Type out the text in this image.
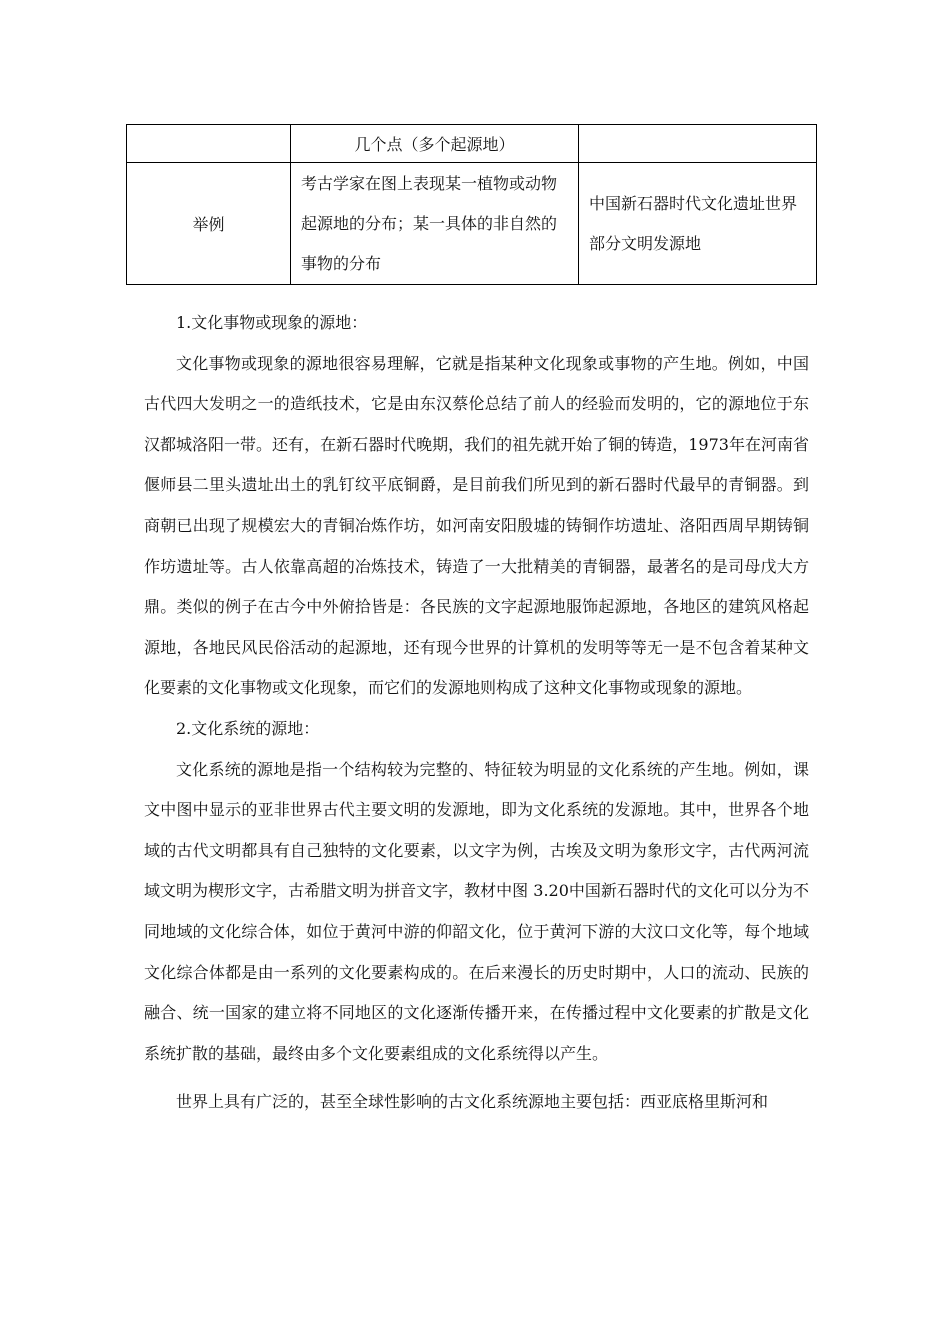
	几个点（多个起源地）	
举例	考古学家在图上表现某一植物或动物起源地的分布；某一具体的非自然的事物的分布	中国新石器时代文化遗址世界部分文明发源地

1.文化事物或现象的源地：

文化事物或现象的源地很容易理解，它就是指某种文化现象或事物的产生地。例如，中国古代四大发明之一的造纸技术，它是由东汉蔡伦总结了前人的经验而发明的，它的源地位于东汉都城洛阳一带。还有，在新石器时代晚期，我们的祖先就开始了铜的铸造，1973年在河南省偃师县二里头遗址出土的乳钉纹平底铜爵，是目前我们所见到的新石器时代最早的青铜器。到商朝已出现了规模宏大的青铜冶炼作坊，如河南安阳殷墟的铸铜作坊遗址、洛阳西周早期铸铜作坊遗址等。古人依靠高超的冶炼技术，铸造了一大批精美的青铜器，最著名的是司母戊大方鼎。类似的例子在古今中外俯拾皆是：各民族的文字起源地服饰起源地，各地区的建筑风格起源地，各地民风民俗活动的起源地，还有现今世界的计算机的发明等等无一是不包含着某种文化要素的文化事物或文化现象，而它们的发源地则构成了这种文化事物或现象的源地。

2.文化系统的源地：

文化系统的源地是指一个结构较为完整的、特征较为明显的文化系统的产生地。例如，课文中图中显示的亚非世界古代主要文明的发源地，即为文化系统的发源地。其中，世界各个地域的古代文明都具有自己独特的文化要素，以文字为例，古埃及文明为象形文字，古代两河流域文明为楔形文字，古希腊文明为拼音文字，教材中图 3.20中国新石器时代的文化可以分为不同地域的文化综合体，如位于黄河中游的仰韶文化，位于黄河下游的大汶口文化等，每个地域文化综合体都是由一系列的文化要素构成的。在后来漫长的历史时期中，人口的流动、民族的融合、统一国家的建立将不同地区的文化逐渐传播开来，在传播过程中文化要素的扩散是文化系统扩散的基础，最终由多个文化要素组成的文化系统得以产生。

世界上具有广泛的，甚至全球性影响的古文化系统源地主要包括：西亚底格里斯河和
